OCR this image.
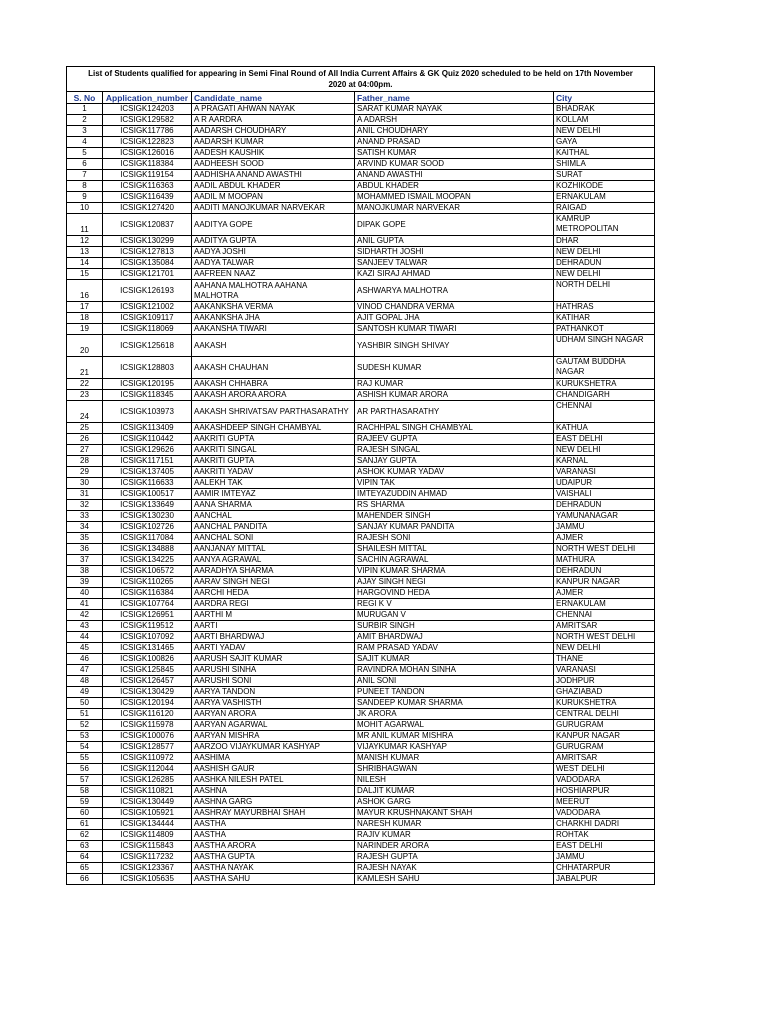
List of Students qualified for appearing in Semi Final Round of All India Current Affairs & GK Quiz 2020 scheduled to be held on 17th November 2020 at 04:00pm.				
S. No	Application_number	Candidate_name	Father_name	City
1	ICSIGK124203	A PRAGATI AHWAN NAYAK	SARAT KUMAR NAYAK	BHADRAK
2	ICSIGK129582	A R AARDRA	A ADARSH	KOLLAM
3	ICSIGK117786	AADARSH CHOUDHARY	ANIL CHOUDHARY	NEW DELHI
4	ICSIGK122823	AADARSH KUMAR	ANAND PRASAD	GAYA
5	ICSIGK126016	AADESH KAUSHIK	SATISH KUMAR	KAITHAL
6	ICSIGK118384	AADHEESH SOOD	ARVIND KUMAR SOOD	SHIMLA
7	ICSIGK119154	AADHISHA ANAND AWASTHI	ANAND AWASTHI	SURAT
8	ICSIGK116363	AADIL ABDUL KHADER	ABDUL KHADER	KOZHIKODE
9	ICSIGK116439	AADIL M MOOPAN	MOHAMMED ISMAIL MOOPAN	ERNAKULAM
10	ICSIGK127420	AADITI MANOJKUMAR NARVEKAR	MANOJKUMAR NARVEKAR	RAIGAD
11	ICSIGK120837	AADITYA GOPE	DIPAK GOPE	KAMRUP METROPOLITAN
12	ICSIGK130299	AADITYA GUPTA	ANIL GUPTA	DHAR
13	ICSIGK127813	AADYA JOSHI	SIDHARTH JOSHI	NEW DELHI
14	ICSIGK135084	AADYA TALWAR	SANJEEV TALWAR	DEHRADUN
15	ICSIGK121701	AAFREEN NAAZ	KAZI SIRAJ AHMAD	NEW DELHI
16	ICSIGK126193	AAHANA MALHOTRA AAHANA MALHOTRA	ASHWARYA MALHOTRA	NORTH DELHI
17	ICSIGK121002	AAKANKSHA VERMA	VINOD CHANDRA VERMA	HATHRAS
18	ICSIGK109117	AAKANKSHA JHA	AJIT GOPAL JHA	KATIHAR
19	ICSIGK118069	AAKANSHA TIWARI	SANTOSH KUMAR TIWARI	PATHANKOT
20	ICSIGK125618	AAKASH	YASHBIR SINGH SHIVAY	UDHAM SINGH NAGAR
21	ICSIGK128803	AAKASH CHAUHAN	SUDESH KUMAR	GAUTAM BUDDHA NAGAR
22	ICSIGK120195	AAKASH CHHABRA	RAJ KUMAR	KURUKSHETRA
23	ICSIGK118345	AAKASH ARORA ARORA	ASHISH KUMAR ARORA	CHANDIGARH
24	ICSIGK103973	AAKASH SHRIVATSAV PARTHASARATHY	AR PARTHASARATHY	CHENNAI
25	ICSIGK113409	AAKASHDEEP SINGH CHAMBYAL	RACHHPAL SINGH CHAMBYAL	KATHUA
26	ICSIGK110442	AAKRITI GUPTA	RAJEEV GUPTA	EAST DELHI
27	ICSIGK129626	AAKRITI SINGAL	RAJESH SINGAL	NEW DELHI
28	ICSIGK117151	AAKRITI GUPTA	SANJAY GUPTA	KARNAL
29	ICSIGK137405	AAKRITI YADAV	ASHOK KUMAR YADAV	VARANASI
30	ICSIGK116633	AALEKH TAK	VIPIN TAK	UDAIPUR
31	ICSIGK100517	AAMIR IMTEYAZ	IMTEYAZUDDIN AHMAD	VAISHALI
32	ICSIGK133649	AANA SHARMA	RS SHARMA	DEHRADUN
33	ICSIGK130230	AANCHAL	MAHENDER SINGH	YAMUNANAGAR
34	ICSIGK102726	AANCHAL PANDITA	SANJAY KUMAR PANDITA	JAMMU
35	ICSIGK117084	AANCHAL SONI	RAJESH SONI	AJMER
36	ICSIGK134888	AANJANAY MITTAL	SHAILESH MITTAL	NORTH WEST DELHI
37	ICSIGK134225	AANYA AGRAWAL	SACHIN AGRAWAL	MATHURA
38	ICSIGK106572	AARADHYA SHARMA	VIPIN KUMAR SHARMA	DEHRADUN
39	ICSIGK110265	AARAV SINGH NEGI	AJAY SINGH NEGI	KANPUR NAGAR
40	ICSIGK116384	AARCHI HEDA	HARGOVIND HEDA	AJMER
41	ICSIGK107764	AARDRA REGI	REGI K V	ERNAKULAM
42	ICSIGK126951	AARTHI M	MURUGAN V	CHENNAI
43	ICSIGK119512	AARTI	SURBIR SINGH	AMRITSAR
44	ICSIGK107092	AARTI BHARDWAJ	AMIT BHARDWAJ	NORTH WEST DELHI
45	ICSIGK131465	AARTI YADAV	RAM PRASAD YADAV	NEW DELHI
46	ICSIGK100826	AARUSH SAJIT KUMAR	SAJIT KUMAR	THANE
47	ICSIGK125845	AARUSHI SINHA	RAVINDRA MOHAN SINHA	VARANASI
48	ICSIGK126457	AARUSHI SONI	ANIL SONI	JODHPUR
49	ICSIGK130429	AARYA TANDON	PUNEET TANDON	GHAZIABAD
50	ICSIGK120194	AARYA VASHISTH	SANDEEP KUMAR SHARMA	KURUKSHETRA
51	ICSIGK116120	AARYAN ARORA	JK ARORA	CENTRAL DELHI
52	ICSIGK115978	AARYAN AGARWAL	MOHIT AGARWAL	GURUGRAM
53	ICSIGK100076	AARYAN MISHRA	MR ANIL KUMAR MISHRA	KANPUR NAGAR
54	ICSIGK128577	AARZOO VIJAYKUMAR KASHYAP	VIJAYKUMAR KASHYAP	GURUGRAM
55	ICSIGK110972	AASHIMA	MANISH KUMAR	AMRITSAR
56	ICSIGK112044	AASHISH GAUR	SHRIBHAGWAN	WEST DELHI
57	ICSIGK126285	AASHKA NILESH PATEL	NILESH	VADODARA
58	ICSIGK110821	AASHNA	DALJIT KUMAR	HOSHIARPUR
59	ICSIGK130449	AASHNA GARG	ASHOK GARG	MEERUT
60	ICSIGK105921	AASHRAY MAYURBHAI SHAH	MAYUR KRUSHNAKANT SHAH	VADODARA
61	ICSIGK134444	AASTHA	NARESH KUMAR	CHARKHI DADRI
62	ICSIGK114809	AASTHA	RAJIV KUMAR	ROHTAK
63	ICSIGK115843	AASTHA ARORA	NARINDER ARORA	EAST DELHI
64	ICSIGK117232	AASTHA GUPTA	RAJESH GUPTA	JAMMU
65	ICSIGK123367	AASTHA NAYAK	RAJESH NAYAK	CHHATARPUR
66	ICSIGK105635	AASTHA SAHU	KAMLESH SAHU	JABALPUR
